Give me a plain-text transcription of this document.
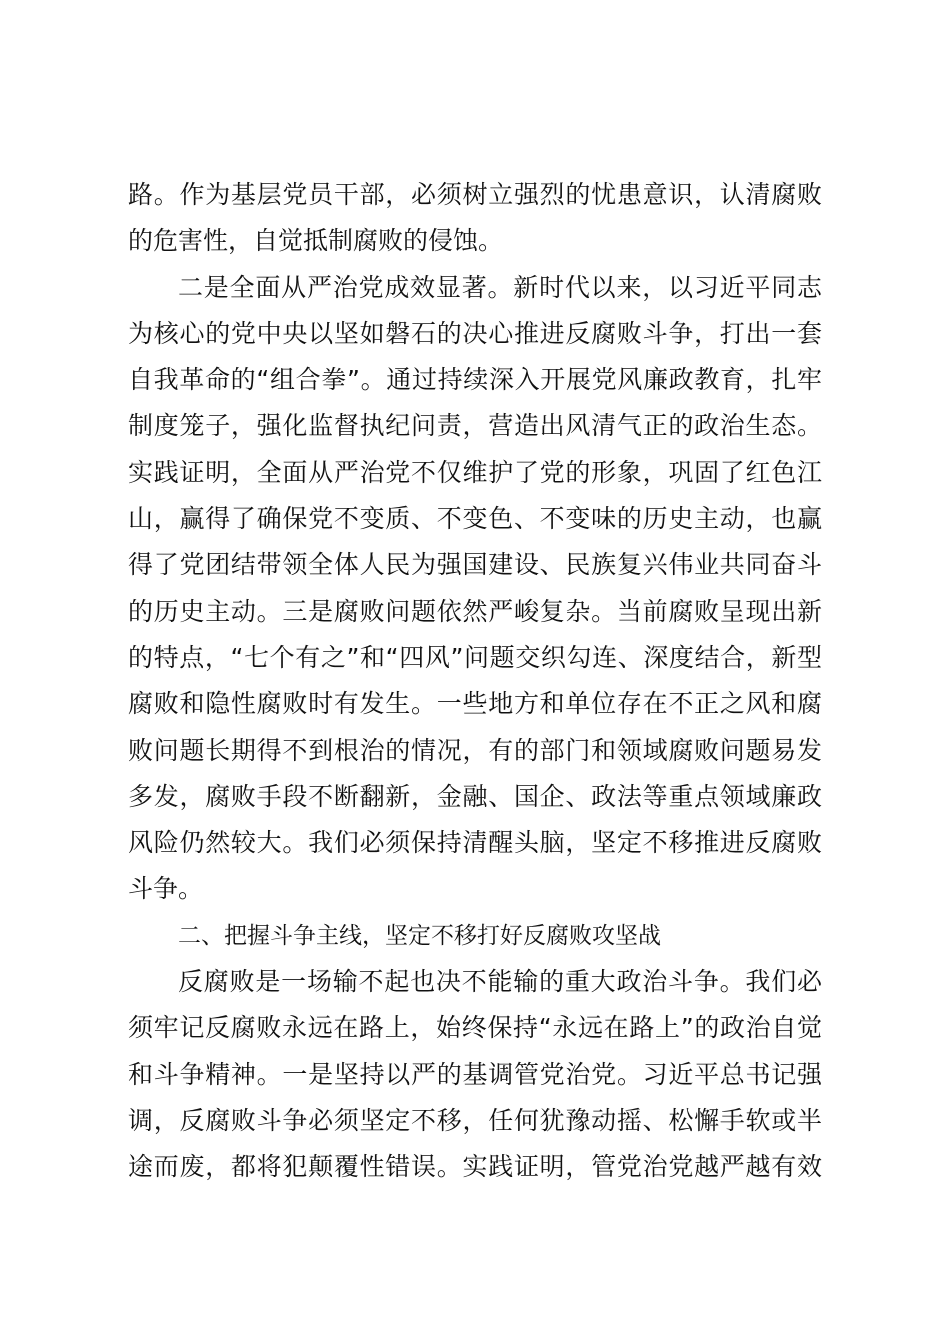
路。作为基层党员干部，必须树立强烈的忧患意识，认清腐败
的危害性，自觉抵制腐败的侵蚀。
二是全面从严治党成效显著。新时代以来，以习近平同志
为核心的党中央以坚如磐石的决心推进反腐败斗争，打出一套
自我革命的“组合拳”。通过持续深入开展党风廉政教育，扎牢
制度笼子，强化监督执纪问责，营造出风清气正的政治生态。
实践证明，全面从严治党不仅维护了党的形象，巩固了红色江
山，赢得了确保党不变质、不变色、不变味的历史主动，也赢
得了党团结带领全体人民为强国建设、民族复兴伟业共同奋斗
的历史主动。三是腐败问题依然严峻复杂。当前腐败呈现出新
的特点，“七个有之”和“四风”问题交织勾连、深度结合，新型
腐败和隐性腐败时有发生。一些地方和单位存在不正之风和腐
败问题长期得不到根治的情况，有的部门和领域腐败问题易发
多发，腐败手段不断翻新，金融、国企、政法等重点领域廉政
风险仍然较大。我们必须保持清醒头脑，坚定不移推进反腐败
斗争。
二、把握斗争主线，坚定不移打好反腐败攻坚战
反腐败是一场输不起也决不能输的重大政治斗争。我们必
须牢记反腐败永远在路上，始终保持“永远在路上”的政治自觉
和斗争精神。一是坚持以严的基调管党治党。习近平总书记强
调，反腐败斗争必须坚定不移，任何犹豫动摇、松懈手软或半
途而废，都将犯颠覆性错误。实践证明，管党治党越严越有效
